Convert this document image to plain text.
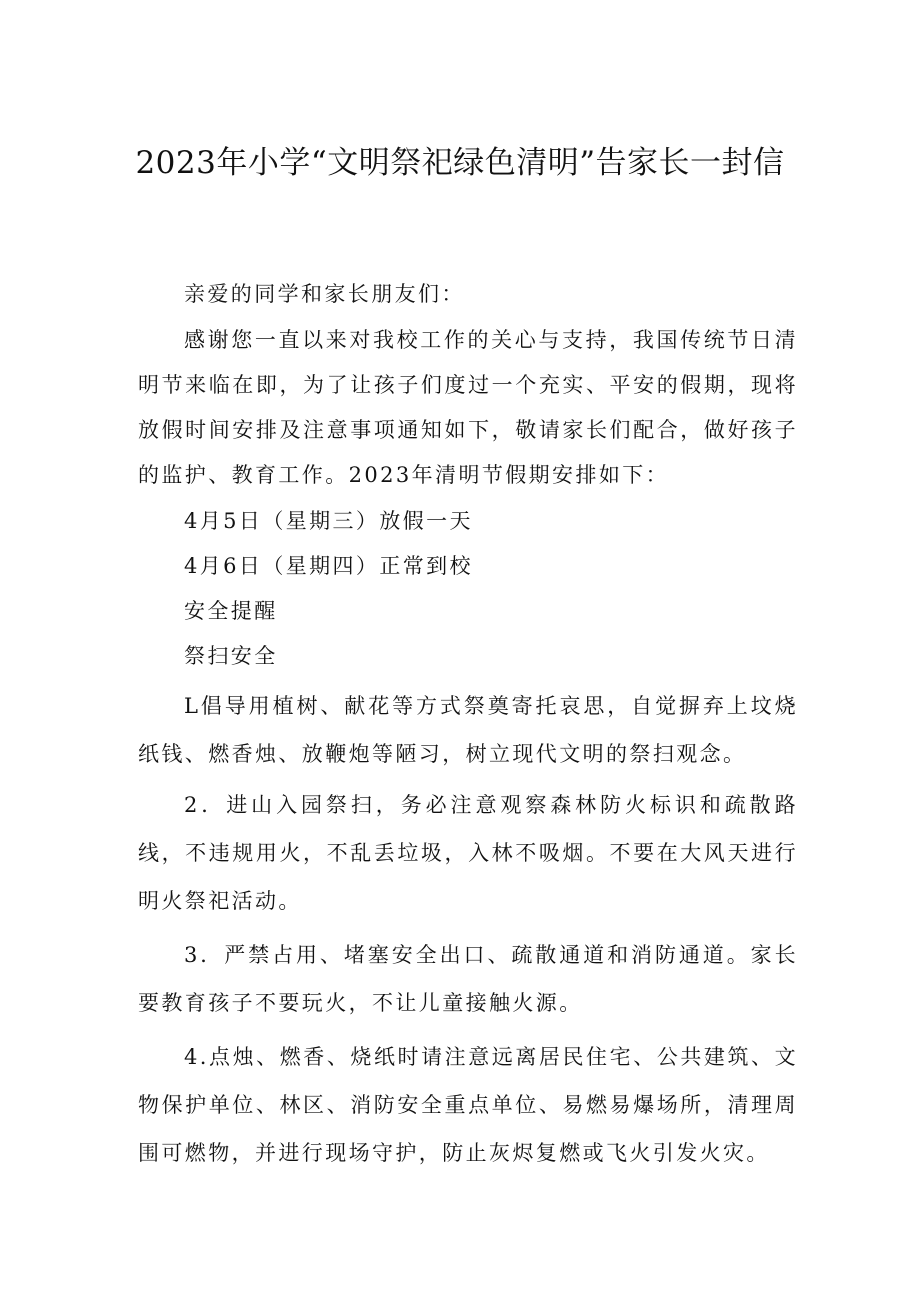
2023年小学“文明祭祀绿色清明”告家长一封信

亲爱的同学和家长朋友们：

感谢您一直以来对我校工作的关心与支持，我国传统节日清明节来临在即，为了让孩子们度过一个充实、平安的假期，现将放假时间安排及注意事项通知如下，敬请家长们配合，做好孩子的监护、教育工作。2023年清明节假期安排如下：

4月5日（星期三）放假一天

4月6日（星期四）正常到校

安全提醒

祭扫安全

L倡导用植树、献花等方式祭奠寄托哀思，自觉摒弃上坟烧纸钱、燃香烛、放鞭炮等陋习，树立现代文明的祭扫观念。

2．进山入园祭扫，务必注意观察森林防火标识和疏散路线，不违规用火，不乱丢垃圾，入林不吸烟。不要在大风天进行明火祭祀活动。

3．严禁占用、堵塞安全出口、疏散通道和消防通道。家长要教育孩子不要玩火，不让儿童接触火源。

4.点烛、燃香、烧纸时请注意远离居民住宅、公共建筑、文物保护单位、林区、消防安全重点单位、易燃易爆场所，清理周围可燃物，并进行现场守护，防止灰烬复燃或飞火引发火灾。
